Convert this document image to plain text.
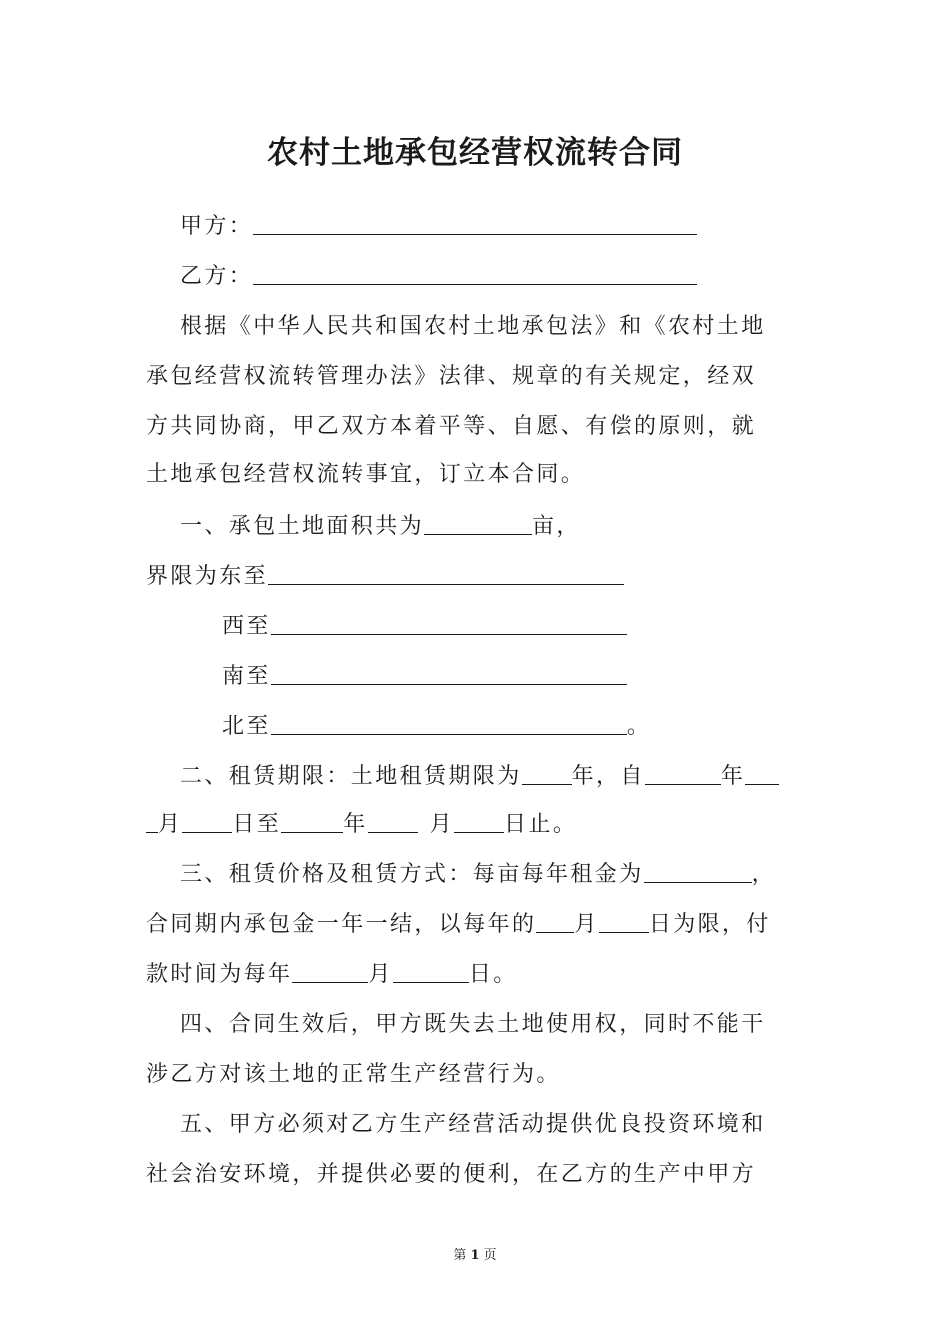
农村土地承包经营权流转合同
甲方：
乙方：
根据《中华人民共和国农村土地承包法》和《农村土地
承包经营权流转管理办法》法律、规章的有关规定，经双
方共同协商，甲乙双方本着平等、自愿、有偿的原则，就
土地承包经营权流转事宜，订立本合同。
一、承包土地面积共为	亩，
界限为东至
西至
南至
北至	。
二、租赁期限：土地租赁期限为 年，自	年
月 日至	年	月 日止。
三、租赁价格及租赁方式：每亩每年租金为	，
合同期内承包金一年一结，以每年的 月 日为限，付
款时间为每年	月	日。
四、合同生效后，甲方既失去土地使用权，同时不能干
涉乙方对该土地的正常生产经营行为。
五、甲方必须对乙方生产经营活动提供优良投资环境和
社会治安环境，并提供必要的便利，在乙方的生产中甲方
第 1 页
